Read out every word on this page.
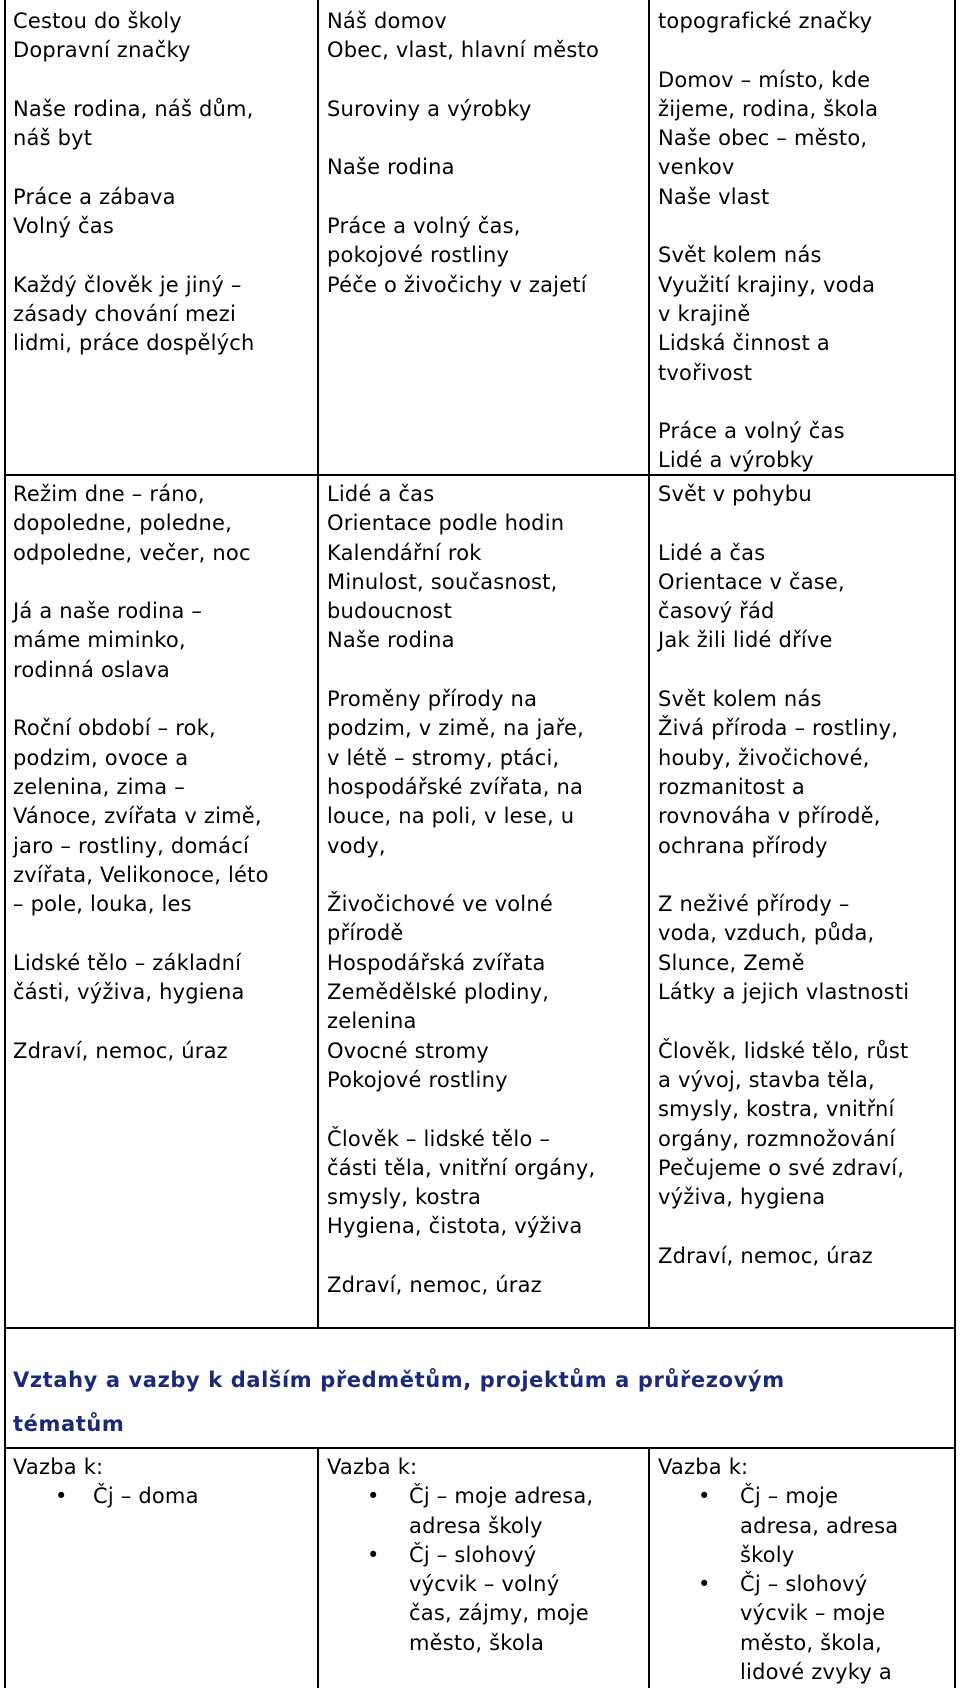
Cestou do školy
Dopravní značky
Naše rodina, náš dům,
náš byt
Práce a zábava
Volný čas
Každý člověk je jiný –
zásady chování mezi
lidmi, práce dospělých
Náš domov
Obec, vlast, hlavní město
Suroviny a výrobky
Naše rodina
Práce a volný čas,
pokojové rostliny
Péče o živočichy v zajetí
topografické značky
Domov – místo, kde
žijeme, rodina, škola
Naše obec – město,
venkov
Naše vlast
Svět kolem nás
Využití krajiny, voda
v krajině
Lidská činnost a
tvořivost
Práce a volný čas
Lidé a výrobky
Režim dne – ráno,
dopoledne, poledne,
odpoledne, večer, noc
Já a naše rodina –
máme miminko,
rodinná oslava
Roční období – rok,
podzim, ovoce a
zelenina, zima –
Vánoce, zvířata v zimě,
jaro – rostliny, domácí
zvířata, Velikonoce, léto
– pole, louka, les
Lidské tělo – základní
části, výživa, hygiena
Zdraví, nemoc, úraz
Lidé a čas
Orientace podle hodin
Kalendářní rok
Minulost, současnost,
budoucnost
Naše rodina
Proměny přírody na
podzim, v zimě, na jaře,
v létě – stromy, ptáci,
hospodářské zvířata, na
louce, na poli, v lese, u
vody,
Živočichové ve volné
přírodě
Hospodářská zvířata
Zemědělské plodiny,
zelenina
Ovocné stromy
Pokojové rostliny
Člověk – lidské tělo –
části těla, vnitřní orgány,
smysly, kostra
Hygiena, čistota, výživa
Zdraví, nemoc, úraz
Svět v pohybu
Lidé a čas
Orientace v čase,
časový řád
Jak žili lidé dříve
Svět kolem nás
Živá příroda – rostliny,
houby, živočichové,
rozmanitost a
rovnováha v přírodě,
ochrana přírody
Z neživé přírody –
voda, vzduch, půda,
Slunce, Země
Látky a jejich vlastnosti
Člověk, lidské tělo, růst
a vývoj, stavba těla,
smysly, kostra, vnitřní
orgány, rozmnožování
Pečujeme o své zdraví,
výživa, hygiena
Zdraví, nemoc, úraz
Vztahy a vazby k dalším předmětům, projektům a průřezovým
tématům
Vazba k:
• Čj – doma
Vazba k:
• Čj – moje adresa,
adresa školy
• Čj – slohový
výcvik – volný
čas, zájmy, moje
město, škola
Vazba k:
• Čj – moje
adresa, adresa
školy
• Čj – slohový
výcvik – moje
město, škola,
lidové zvyky a
